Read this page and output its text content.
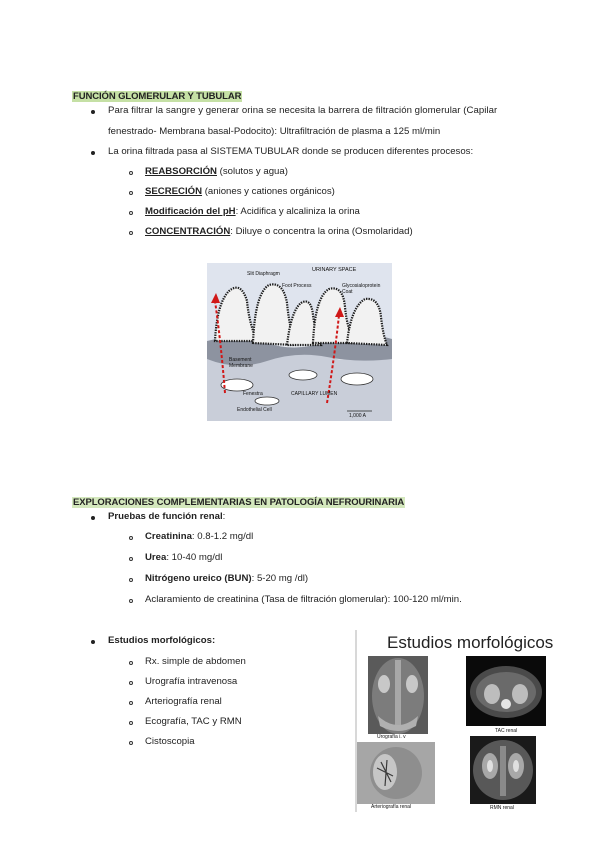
FUNCIÓN GLOMERULAR Y TUBULAR
Para filtrar la sangre y generar orina se necesita la barrera de filtración glomerular (Capilar
fenestrado- Membrana basal-Podocito): Ultrafiltración de plasma a 125 ml/min
La orina filtrada pasa al SISTEMA TUBULAR donde se producen diferentes procesos:
REABSORCIÓN (solutos y agua)
SECRECIÓN (aniones y cationes orgánicos)
Modificación del pH: Acidifica y alcaliniza la orina
CONCENTRACIÓN: Diluye o concentra la orina (Osmolaridad)
URINARY SPACE
Slit Diaphragm
Foot Process	Glycosialoprotein Coat
Basement Membrane
Fenestra
Endothelial Cell
CAPILLARY LUMEN
1,000 A
EXPLORACIONES COMPLEMENTARIAS EN PATOLOGÍA NEFROURINARIA
Pruebas de función renal:
Creatinina: 0.8-1.2 mg/dl
Urea: 10-40 mg/dl
Nitrógeno ureico (BUN): 5-20 mg /dl)
Aclaramiento de creatinina (Tasa de filtración glomerular): 100-120 ml/min.
Estudios morfológicos:
Rx. simple de abdomen
Urografía intravenosa
Arteriografía renal
Ecografía, TAC y RMN
Cistoscopia
Estudios morfológicos
Urografía i. v
TAC renal
Arteriografía renal	RMN renal
